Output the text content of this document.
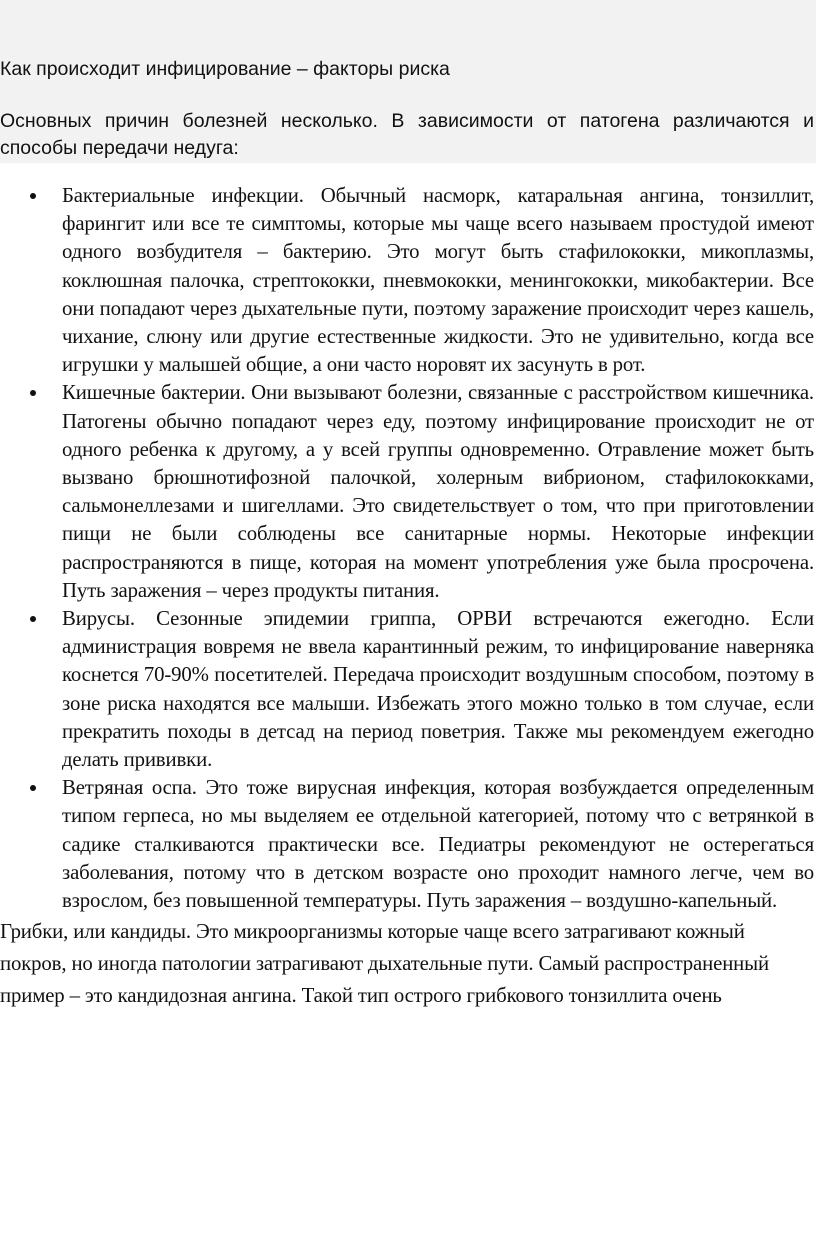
Как происходит инфицирование – факторы риска

Основных причин болезней несколько. В зависимости от патогена различаются и способы передачи недуга:

Бактериальные инфекции. Обычный насморк, катаральная ангина, тонзиллит, фарингит или все те симптомы, которые мы чаще всего называем простудой имеют одного возбудителя – бактерию. Это могут быть стафилококки, микоплазмы, коклюшная палочка, стрептококки, пневмококки, менингококки, микобактерии. Все они попадают через дыхательные пути, поэтому заражение происходит через кашель, чихание, слюну или другие естественные жидкости. Это не удивительно, когда все игрушки у малышей общие, а они часто норовят их засунуть в рот.
Кишечные бактерии. Они вызывают болезни, связанные с расстройством кишечника. Патогены обычно попадают через еду, поэтому инфицирование происходит не от одного ребенка к другому, а у всей группы одновременно. Отравление может быть вызвано брюшнотифозной палочкой, холерным вибрионом, стафилококками, сальмонеллезами и шигеллами. Это свидетельствует о том, что при приготовлении пищи не были соблюдены все санитарные нормы. Некоторые инфекции распространяются в пище, которая на момент употребления уже была просрочена. Путь заражения – через продукты питания.
Вирусы. Сезонные эпидемии гриппа, ОРВИ встречаются ежегодно. Если администрация вовремя не ввела карантинный режим, то инфицирование наверняка коснется 70-90% посетителей. Передача происходит воздушным способом, поэтому в зоне риска находятся все малыши. Избежать этого можно только в том случае, если прекратить походы в детсад на период поветрия. Также мы рекомендуем ежегодно делать прививки.
Ветряная оспа. Это тоже вирусная инфекция, которая возбуждается определенным типом герпеса, но мы выделяем ее отдельной категорией, потому что с ветрянкой в садике сталкиваются практически все. Педиатры рекомендуют не остерегаться заболевания, потому что в детском возрасте оно проходит намного легче, чем во взрослом, без повышенной температуры. Путь заражения – воздушно-капельный.

Грибки, или кандиды. Это микроорганизмы которые чаще всего затрагивают кожный покров, но иногда патологии затрагивают дыхательные пути. Самый распространенный пример – это кандидозная ангина. Такой тип острого грибкового тонзиллита очень
